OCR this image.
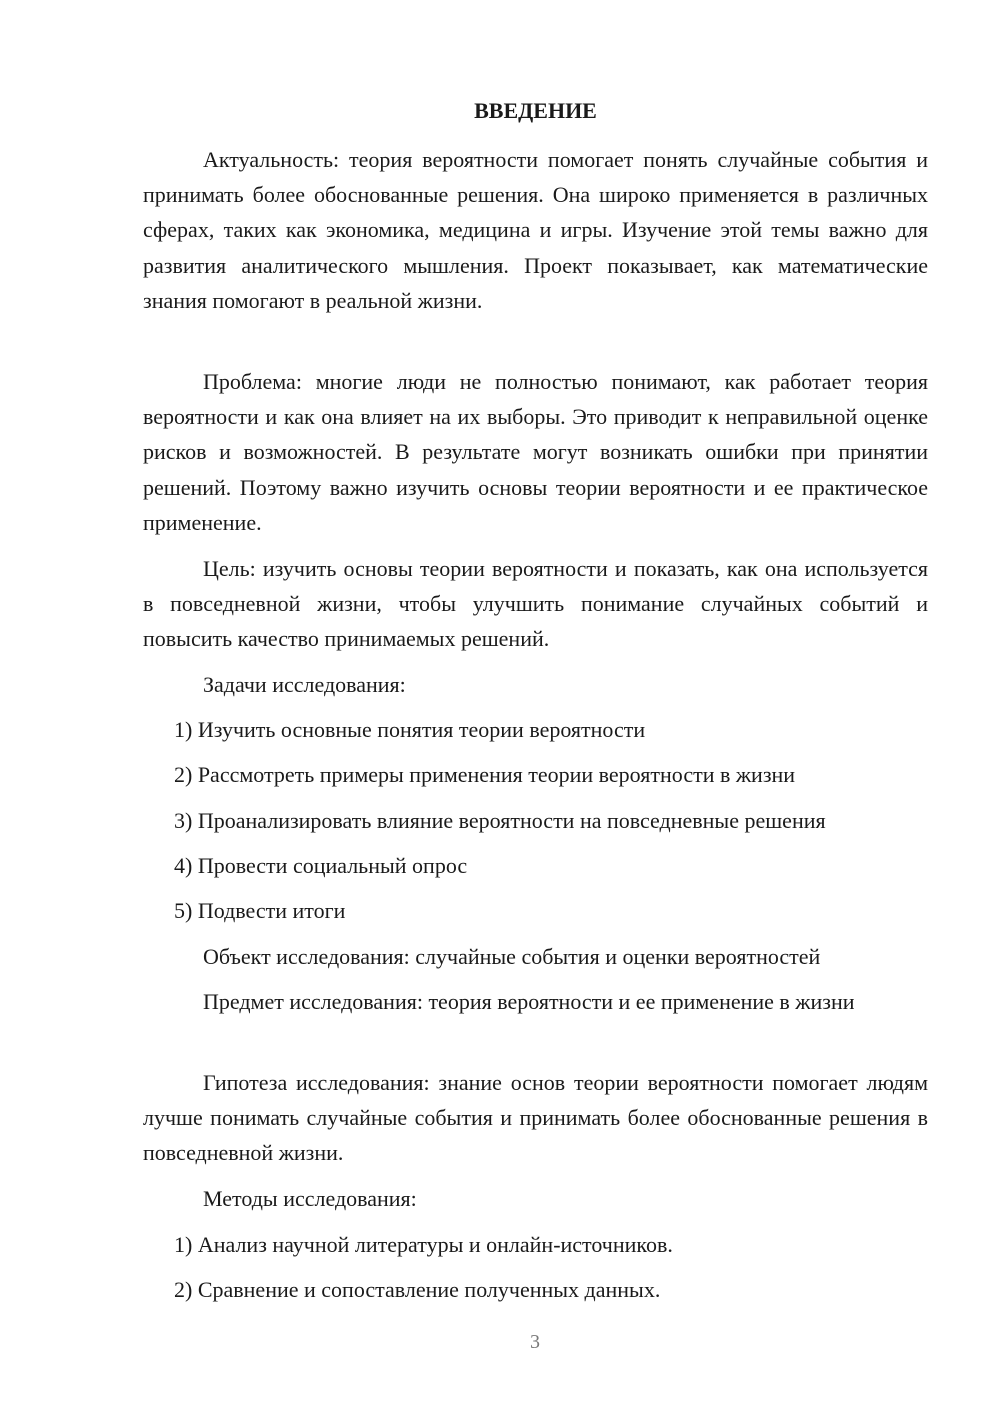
ВВЕДЕНИЕ

Актуальность: теория вероятности помогает понять случайные события и принимать более обоснованные решения. Она широко применяется в различных сферах, таких как экономика, медицина и игры. Изучение этой темы важно для развития аналитического мышления. Проект показывает, как математические знания помогают в реальной жизни.

Проблема: многие люди не полностью понимают, как работает теория вероятности и как она влияет на их выборы. Это приводит к неправильной оценке рисков и возможностей. В результате могут возникать ошибки при принятии решений. Поэтому важно изучить основы теории вероятности и ее практическое применение.

Цель: изучить основы теории вероятности и показать, как она используется в повседневной жизни, чтобы улучшить понимание случайных событий и повысить качество принимаемых решений.

Задачи исследования:

1) Изучить основные понятия теории вероятности

2) Рассмотреть примеры применения теории вероятности в жизни

3) Проанализировать влияние вероятности на повседневные решения

4) Провести социальный опрос

5) Подвести итоги

Объект исследования: случайные события и оценки вероятностей

Предмет исследования: теория вероятности и ее применение в жизни

Гипотеза исследования: знание основ теории вероятности помогает людям лучше понимать случайные события и принимать более обоснованные решения в повседневной жизни.

Методы исследования:

1) Анализ научной литературы и онлайн-источников.

2) Сравнение и сопоставление полученных данных.

3
